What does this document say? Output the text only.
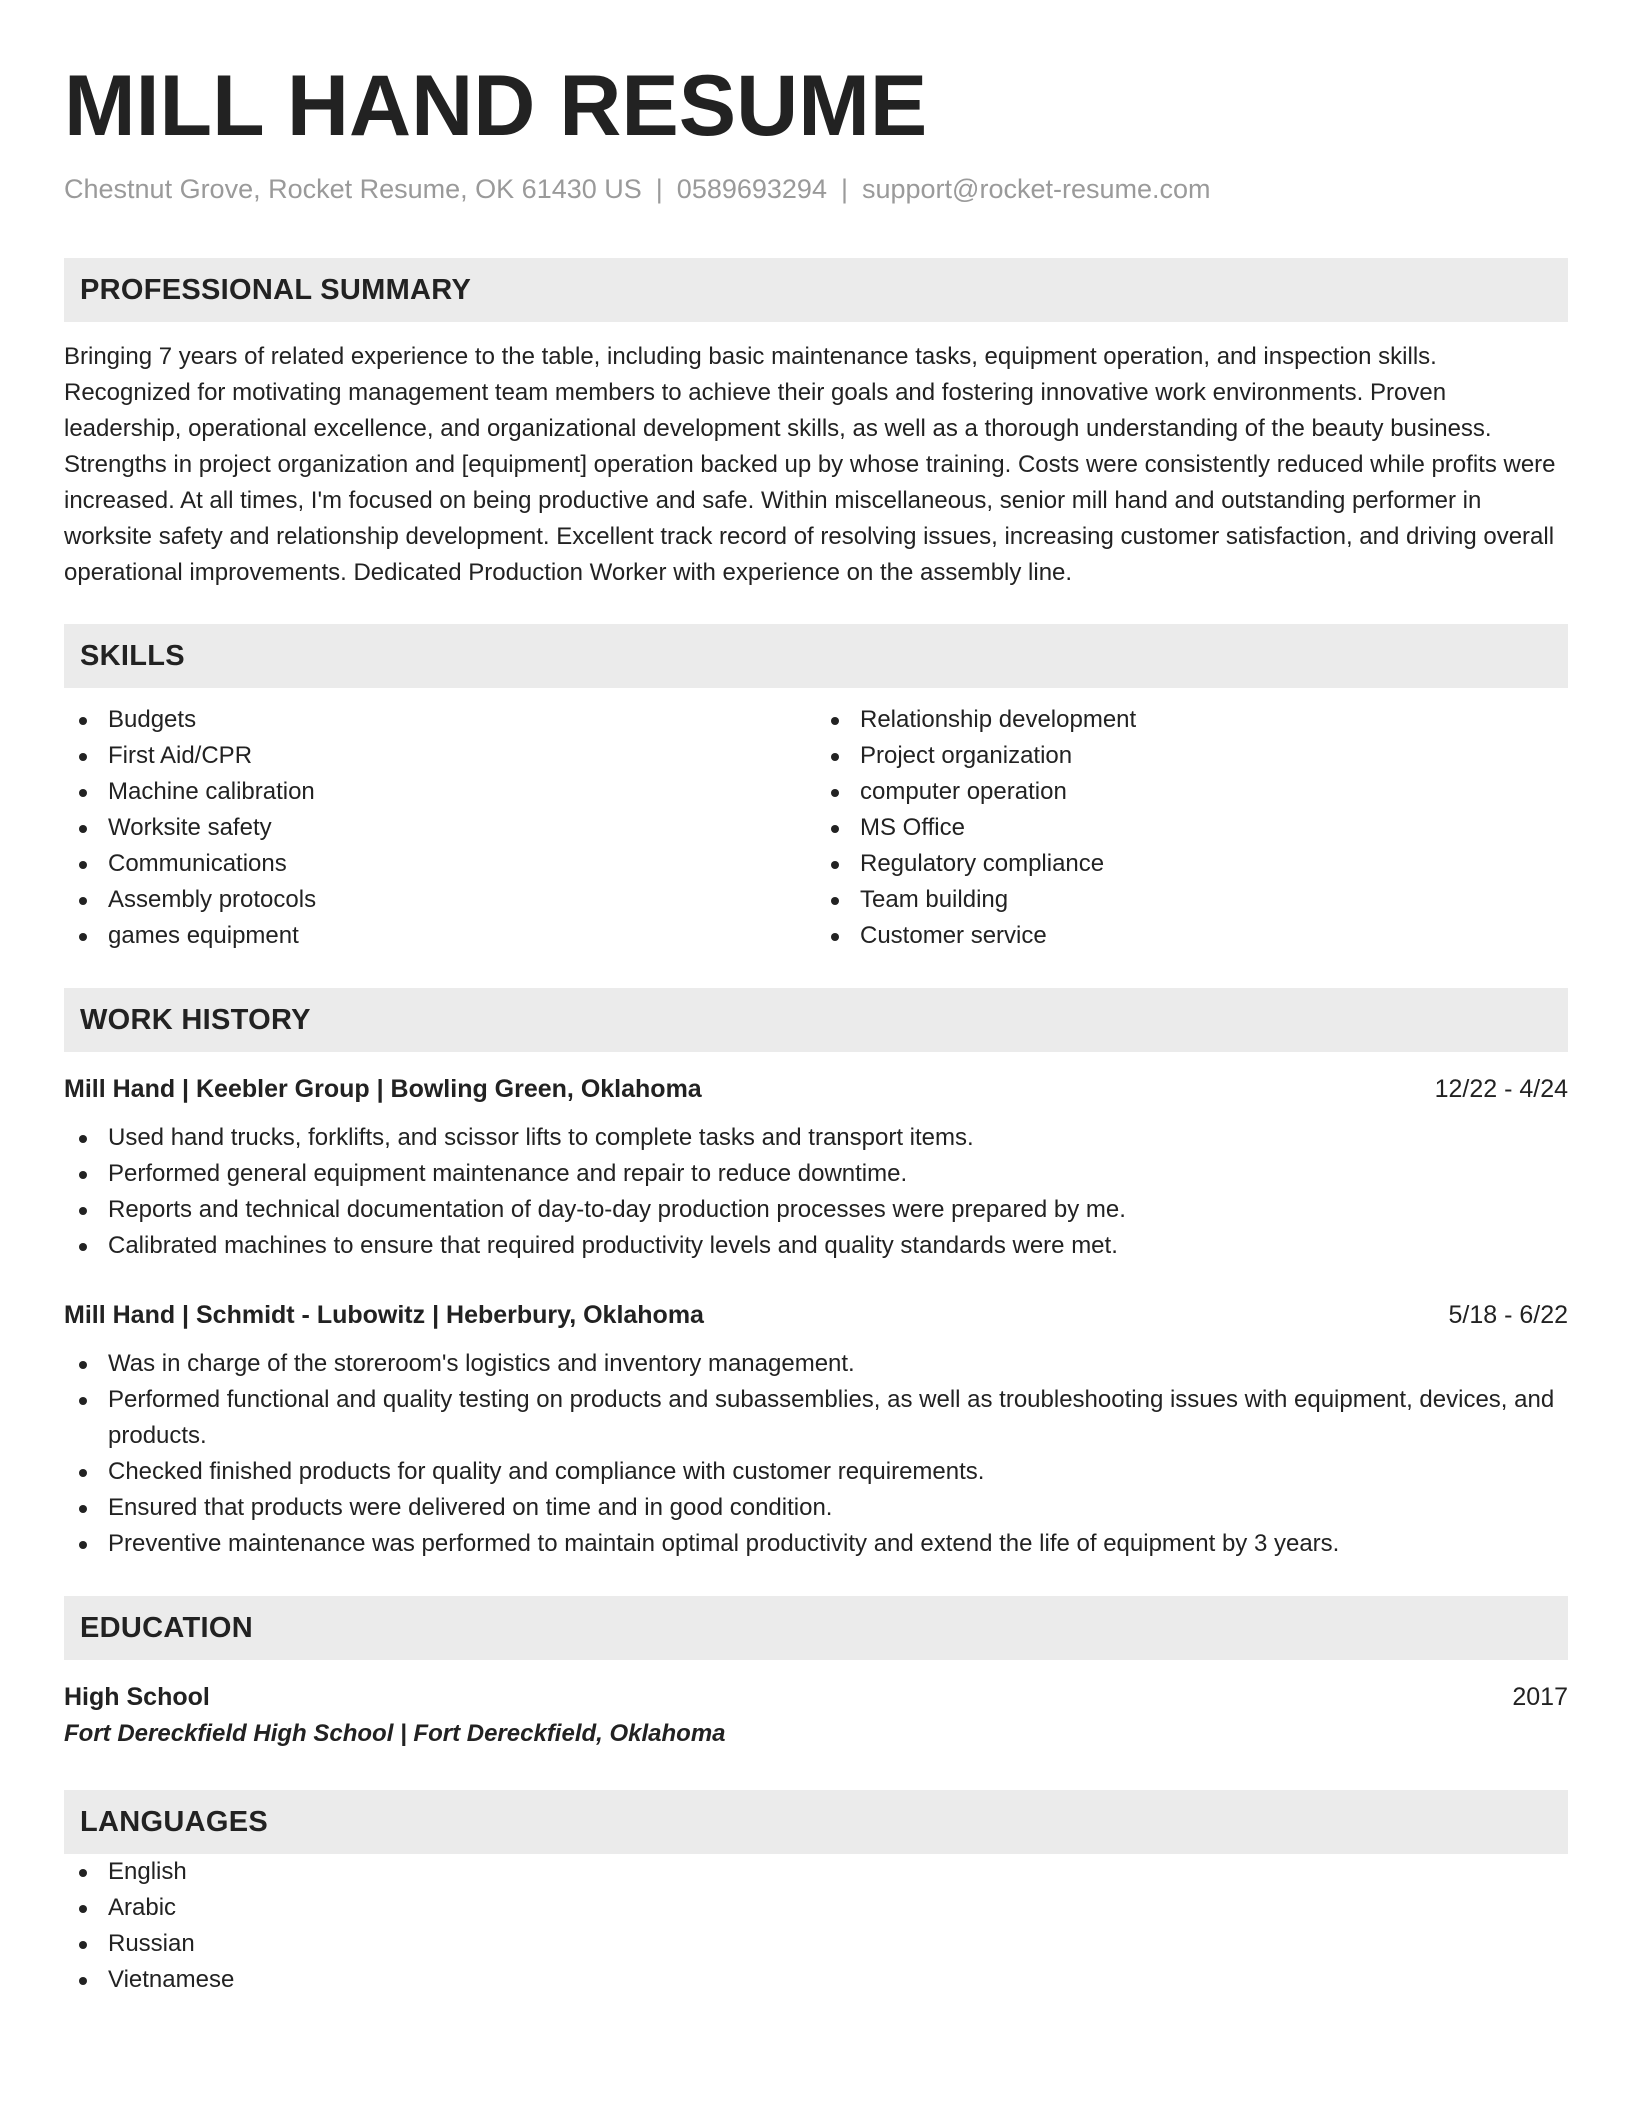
MILL HAND RESUME
Chestnut Grove, Rocket Resume, OK 61430 US | 0589693294 | support@rocket-resume.com
PROFESSIONAL SUMMARY
Bringing 7 years of related experience to the table, including basic maintenance tasks, equipment operation, and inspection skills. Recognized for motivating management team members to achieve their goals and fostering innovative work environments. Proven leadership, operational excellence, and organizational development skills, as well as a thorough understanding of the beauty business. Strengths in project organization and [equipment] operation backed up by whose training. Costs were consistently reduced while profits were increased. At all times, I'm focused on being productive and safe. Within miscellaneous, senior mill hand and outstanding performer in worksite safety and relationship development. Excellent track record of resolving issues, increasing customer satisfaction, and driving overall operational improvements. Dedicated Production Worker with experience on the assembly line.
SKILLS
Budgets
First Aid/CPR
Machine calibration
Worksite safety
Communications
Assembly protocols
games equipment
Relationship development
Project organization
computer operation
MS Office
Regulatory compliance
Team building
Customer service
WORK HISTORY
Mill Hand | Keebler Group | Bowling Green, Oklahoma	12/22 - 4/24
Used hand trucks, forklifts, and scissor lifts to complete tasks and transport items.
Performed general equipment maintenance and repair to reduce downtime.
Reports and technical documentation of day-to-day production processes were prepared by me.
Calibrated machines to ensure that required productivity levels and quality standards were met.
Mill Hand | Schmidt - Lubowitz | Heberbury, Oklahoma	5/18 - 6/22
Was in charge of the storeroom's logistics and inventory management.
Performed functional and quality testing on products and subassemblies, as well as troubleshooting issues with equipment, devices, and products.
Checked finished products for quality and compliance with customer requirements.
Ensured that products were delivered on time and in good condition.
Preventive maintenance was performed to maintain optimal productivity and extend the life of equipment by 3 years.
EDUCATION
High School	2017
Fort Dereckfield High School | Fort Dereckfield, Oklahoma
LANGUAGES
English
Arabic
Russian
Vietnamese
